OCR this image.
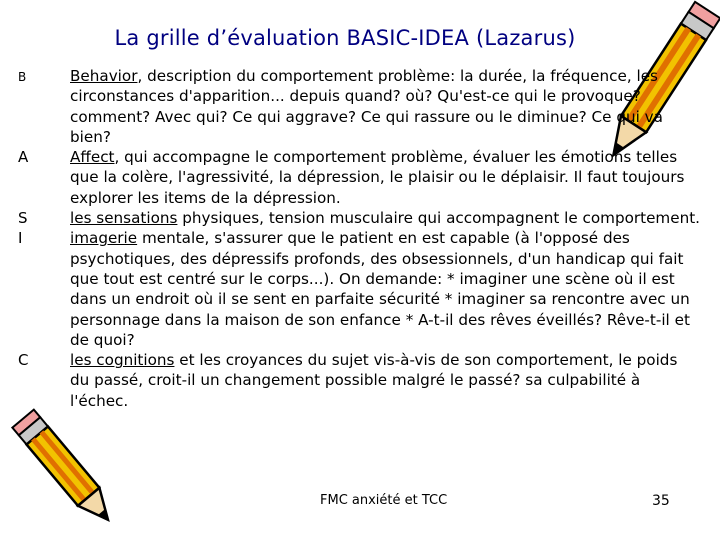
La grille d’évaluation BASIC-IDEA (Lazarus)
B	Behavior, description du comportement problème: la durée, la fréquence, les circonstances d'apparition... depuis quand? où? Qu'est-ce qui le provoque? comment? Avec qui? Ce qui aggrave? Ce qui rassure ou le diminue? Ce qui va bien?
A	Affect, qui accompagne le comportement problème, évaluer les émotions telles que la colère, l'agressivité, la dépression, le plaisir ou le déplaisir. Il faut toujours explorer les items de la dépression.
S	les sensations physiques, tension musculaire qui accompagnent le comportement.
I	imagerie mentale, s'assurer que le patient en est capable (à l'opposé des psychotiques, des dépressifs profonds, des obsessionnels, d'un handicap qui fait que tout est centré sur le corps...). On demande: * imaginer une scène où il est dans un endroit où il se sent en parfaite sécurité * imaginer sa rencontre avec un personnage dans la maison de son enfance * A-t-il des rêves éveillés? Rêve-t-il et de quoi?
C	les cognitions et les croyances du sujet vis-à-vis de son comportement, le poids du passé, croit-il un changement possible malgré le passé? sa culpabilité à l'échec.
FMC anxiété et TCC	35
